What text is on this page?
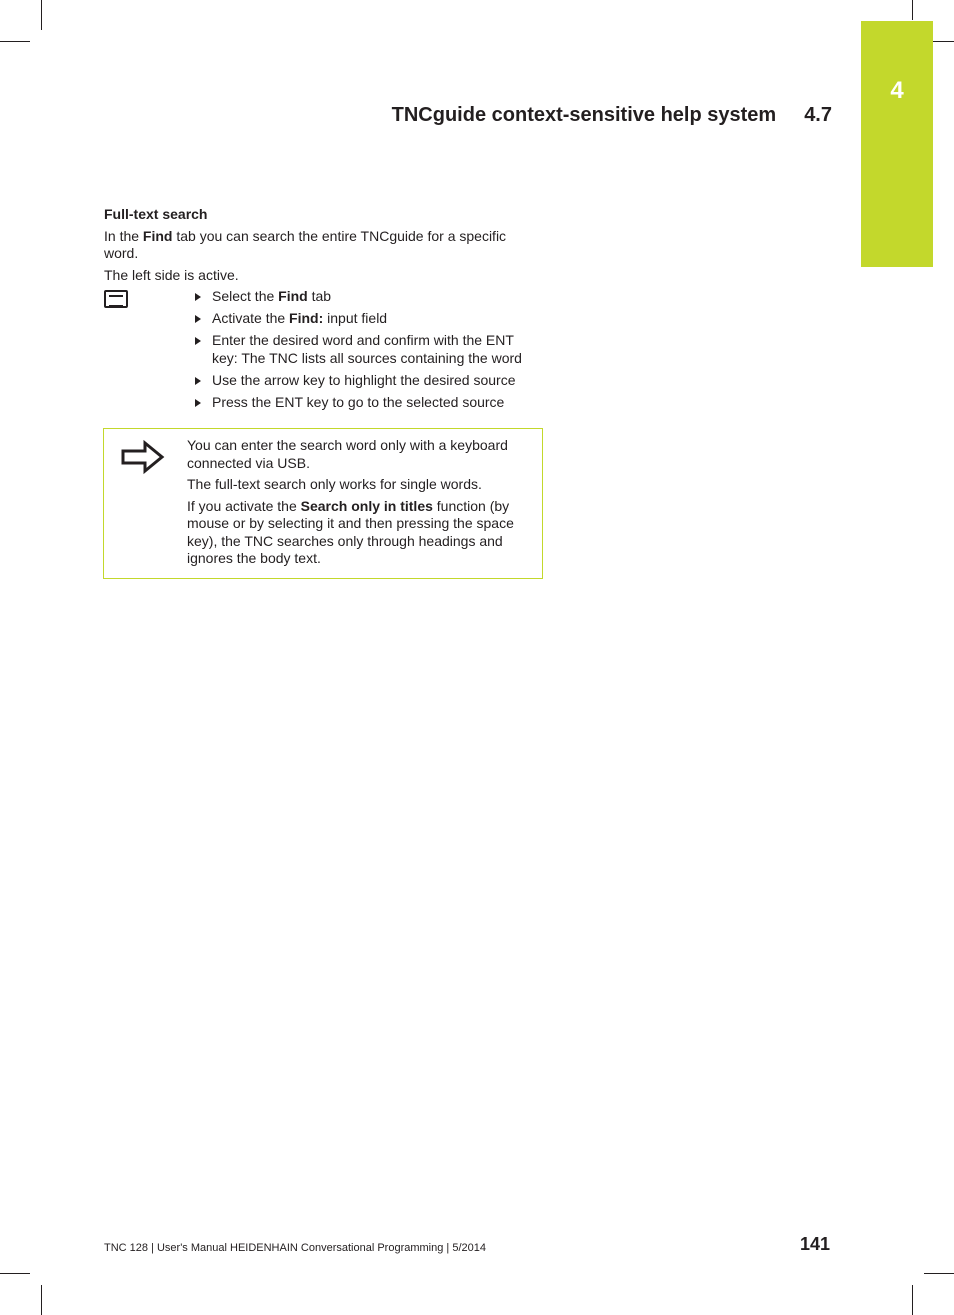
4
TNCguide context-sensitive help system 4.7
Full-text search

In the Find tab you can search the entire TNCguide for a specific word.

The left side is active.

Select the Find tab
Activate the Find: input field
Enter the desired word and confirm with the ENT key: The TNC lists all sources containing the word
Use the arrow key to highlight the desired source
Press the ENT key to go to the selected source

You can enter the search word only with a keyboard connected via USB.

The full-text search only works for single words.

If you activate the Search only in titles function (by mouse or by selecting it and then pressing the space key), the TNC searches only through headings and ignores the body text.

TNC 128 | User's Manual HEIDENHAIN Conversational Programming | 5/2014	141
